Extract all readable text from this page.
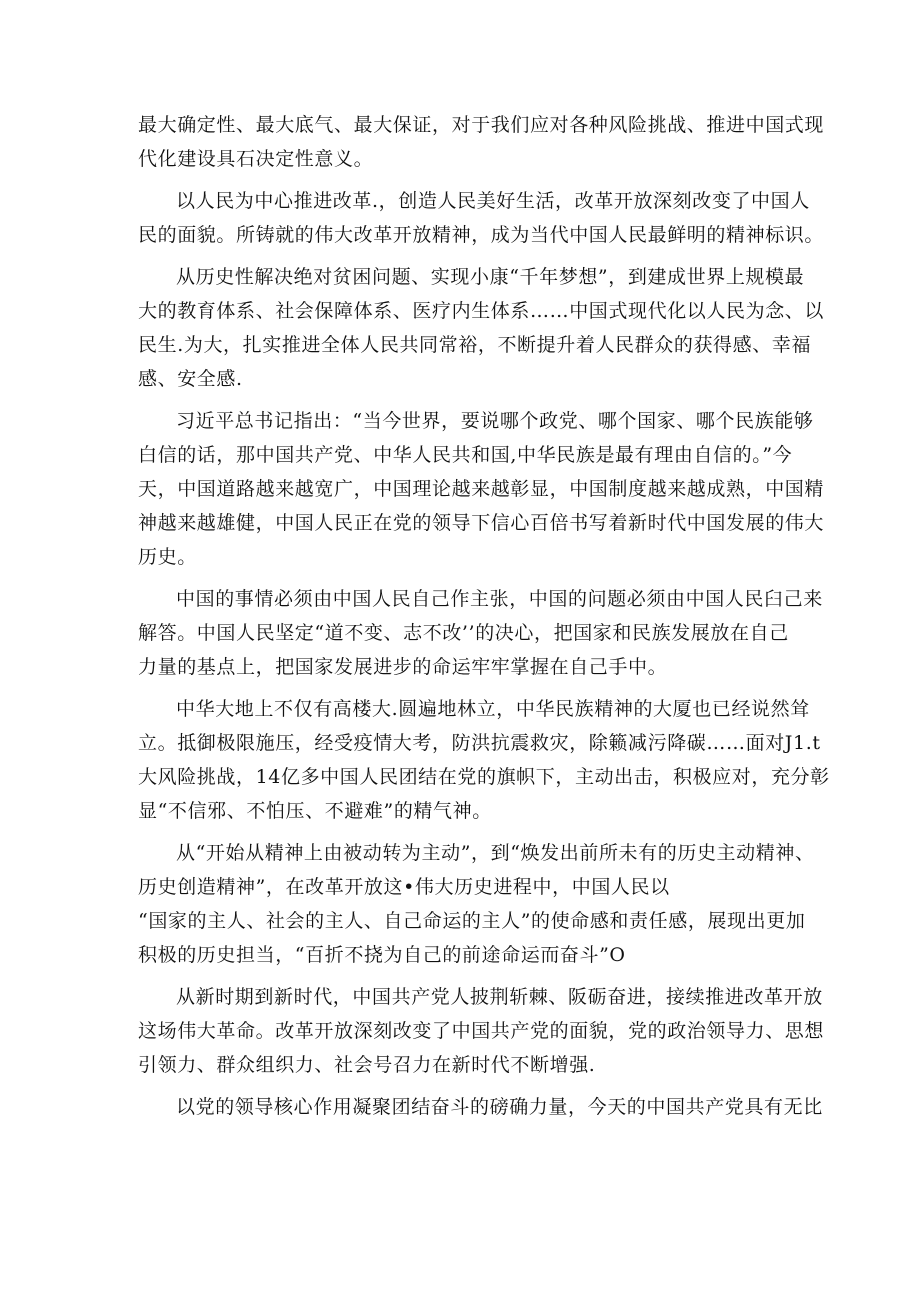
最大确定性、最大底气、最大保证，对于我们应对各种风险挑战、推进中国式现
代化建设具石决定性意义。
以人民为中心推进改革.，创造人民美好生活，改革开放深刻改变了中国人
民的面貌。所铸就的伟大改革开放精神，成为当代中国人民最鲜明的精神标识。
从历史性解决绝对贫困问题、实现小康“千年梦想”，到建成世界上规模最
大的教育体系、社会保障体系、医疗内生体系……中国式现代化以人民为念、以
民生.为大，扎实推进全体人民共同常裕，不断提升着人民群众的获得感、幸福
感、安全感.
习近平总书记指出：“当今世界，要说哪个政党、哪个国家、哪个民族能够
白信的话，那中国共产党、中华人民共和国,中华民族是最有理由自信的。”今
天，中国道路越来越宽广，中国理论越来越彰显，中国制度越来越成熟，中国精
神越来越雄健，中国人民正在党的领导下信心百倍书写着新时代中国发展的伟大
历史。
中国的事情必须由中国人民自己作主张，中国的问题必须由中国人民臼己来
解答。中国人民坚定“道不变、志不改’’的决心，把国家和民族发展放在自己
力量的基点上，把国家发展进步的命运牢牢掌握在自己手中。
中华大地上不仅有高楼大.圆遍地林立，中华民族精神的大厦也已经说然耸
立。抵御极限施压，经受疫情大考，防洪抗震救灾，除籁减污降碳……面对J1.t
大风险挑战，14亿多中国人民团结在党的旗帜下，主动出击，积极应对，充分彰
显“不信邪、不怕压、不避难”的精气神。
从“开始从精神上由被动转为主动”，到“焕发出前所未有的历史主动精神、
历史创造精神”，在改革开放这•伟大历史进程中，中国人民以
“国家的主人、社会的主人、自己命运的主人”的使命感和责任感，展现出更加
积极的历史担当，“百折不挠为自己的前途命运而奋斗”O
从新时期到新时代，中国共产党人披荆斩棘、阪砺奋进，接续推进改革开放
这场伟大革命。改革开放深刻改变了中国共产党的面貌，党的政治领导力、思想
引领力、群众组织力、社会号召力在新时代不断增强.
以党的领导核心作用凝聚团结奋斗的磅确力量，今天的中国共产党具有无比
